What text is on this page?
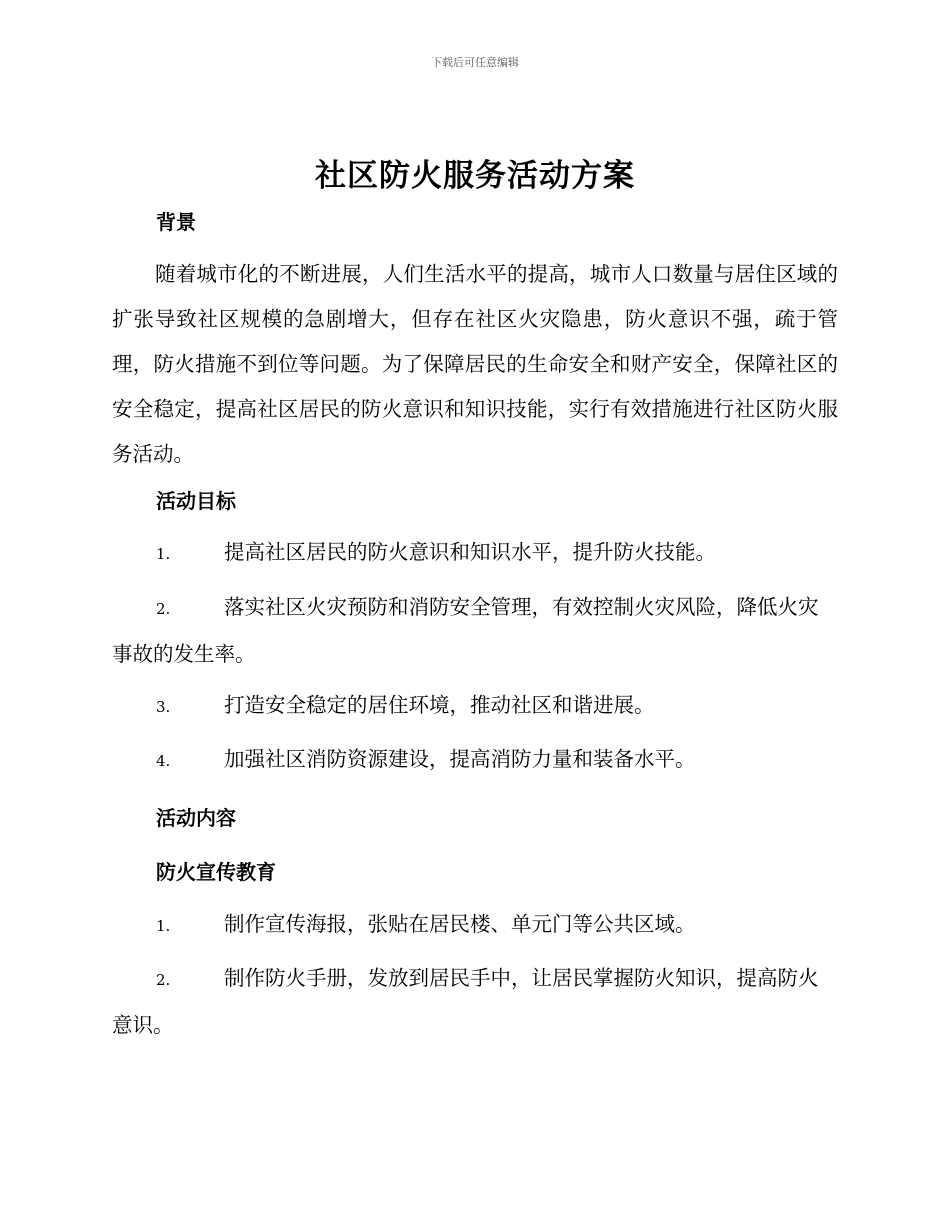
下载后可任意编辑
社区防火服务活动方案
背景
随着城市化的不断进展，人们生活水平的提高，城市人口数量与居住区域的扩张导致社区规模的急剧增大，但存在社区火灾隐患，防火意识不强，疏于管理，防火措施不到位等问题。为了保障居民的生命安全和财产安全，保障社区的安全稳定，提高社区居民的防火意识和知识技能，实行有效措施进行社区防火服务活动。
活动目标
1.	提高社区居民的防火意识和知识水平，提升防火技能。
2.	落实社区火灾预防和消防安全管理，有效控制火灾风险，降低火灾事故的发生率。
3.	打造安全稳定的居住环境，推动社区和谐进展。
4.	加强社区消防资源建设，提高消防力量和装备水平。
活动内容
防火宣传教育
1.	制作宣传海报，张贴在居民楼、单元门等公共区域。
2.	制作防火手册，发放到居民手中，让居民掌握防火知识，提高防火意识。
